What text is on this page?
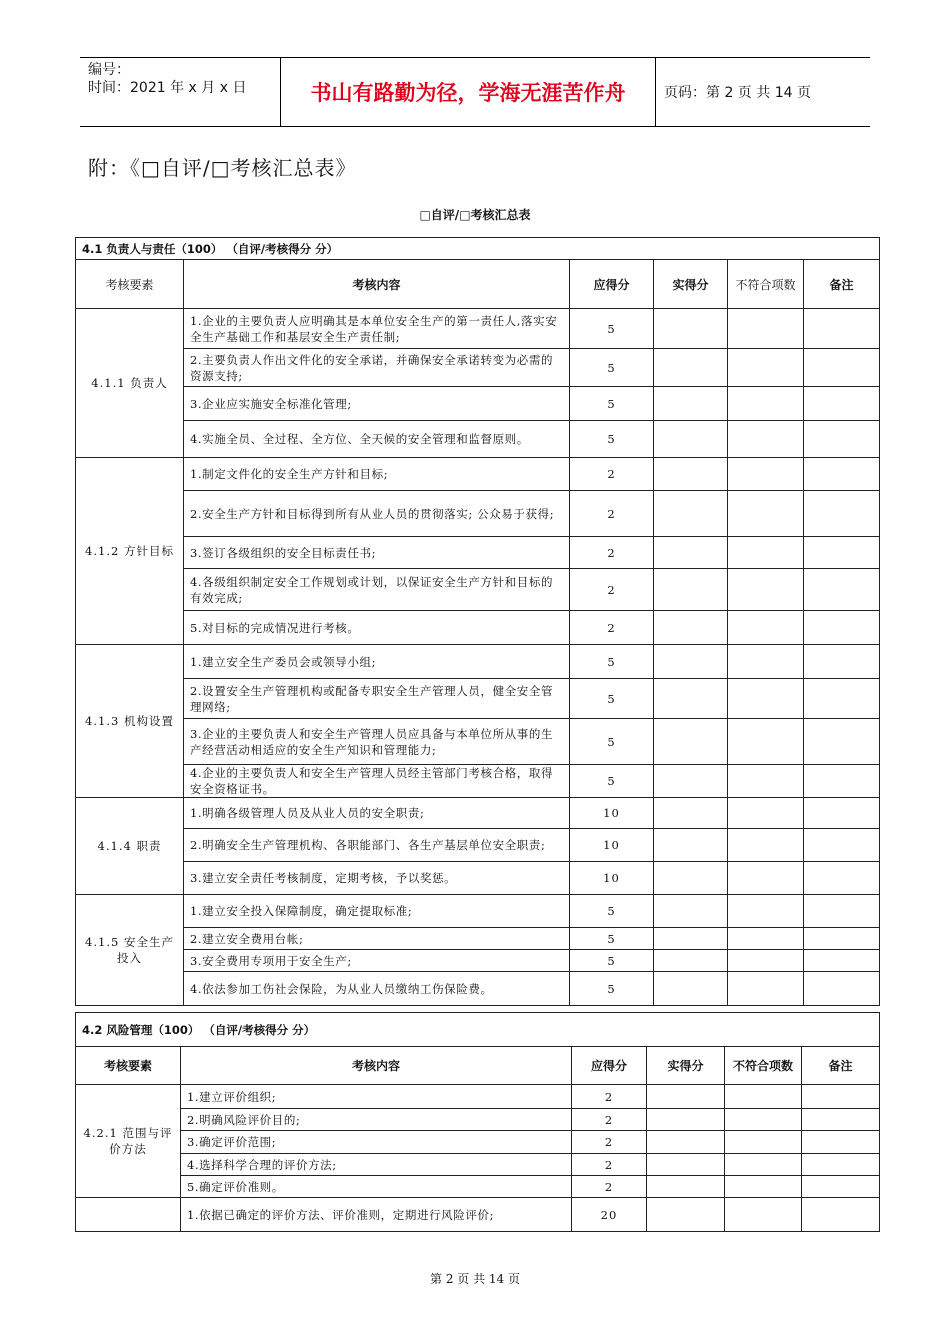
编号：
时间：2021 年 x 月 x 日	书山有路勤为径，学海无涯苦作舟	页码：第 2 页 共 14 页
附：《□自评/□考核汇总表》
□自评/□考核汇总表
4.1 负责人与责任（100） （自评/考核得分 分）					
考核要素	考核内容	应得分	实得分	不符合项数	备注
4.1.1 负责人	1.企业的主要负责人应明确其是本单位安全生产的第一责任人,落实安全生产基础工作和基层安全生产责任制;	5			
	2.主要负责人作出文件化的安全承诺，并确保安全承诺转变为必需的资源支持;	5			
	3.企业应实施安全标准化管理;	5			
	4.实施全员、全过程、全方位、全天候的安全管理和监督原则。	5			
4.1.2 方针目标	1.制定文件化的安全生产方针和目标;	2			
	2.安全生产方针和目标得到所有从业人员的贯彻落实; 公众易于获得;	2			
	3.签订各级组织的安全目标责任书;	2			
	4.各级组织制定安全工作规划或计划，以保证安全生产方针和目标的有效完成;	2			
	5.对目标的完成情况进行考核。	2			
4.1.3 机构设置	1.建立安全生产委员会或领导小组;	5			
	2.设置安全生产管理机构或配备专职安全生产管理人员，健全安全管理网络;	5			
	3.企业的主要负责人和安全生产管理人员应具备与本单位所从事的生产经营活动相适应的安全生产知识和管理能力;	5			
	4.企业的主要负责人和安全生产管理人员经主管部门考核合格，取得安全资格证书。	5			
4.1.4 职责	1.明确各级管理人员及从业人员的安全职责;	10			
	2.明确安全生产管理机构、各职能部门、各生产基层单位安全职责;	10			
	3.建立安全责任考核制度，定期考核，予以奖惩。	10			
4.1.5 安全生产投入	1.建立安全投入保障制度，确定提取标准;	5			
	2.建立安全费用台帐;	5			
	3.安全费用专项用于安全生产;	5			
	4.依法参加工伤社会保险，为从业人员缴纳工伤保险费。	5			
4.2 风险管理（100） （自评/考核得分 分）					
考核要素	考核内容	应得分	实得分	不符合项数	备注
4.2.1 范围与评价方法	1.建立评价组织;	2			
	2.明确风险评价目的;	2			
	3.确定评价范围;	2			
	4.选择科学合理的评价方法;	2			
	5.确定评价准则。	2			
	1.依据已确定的评价方法、评价准则，定期进行风险评价;	20			
第 2 页 共 14 页
